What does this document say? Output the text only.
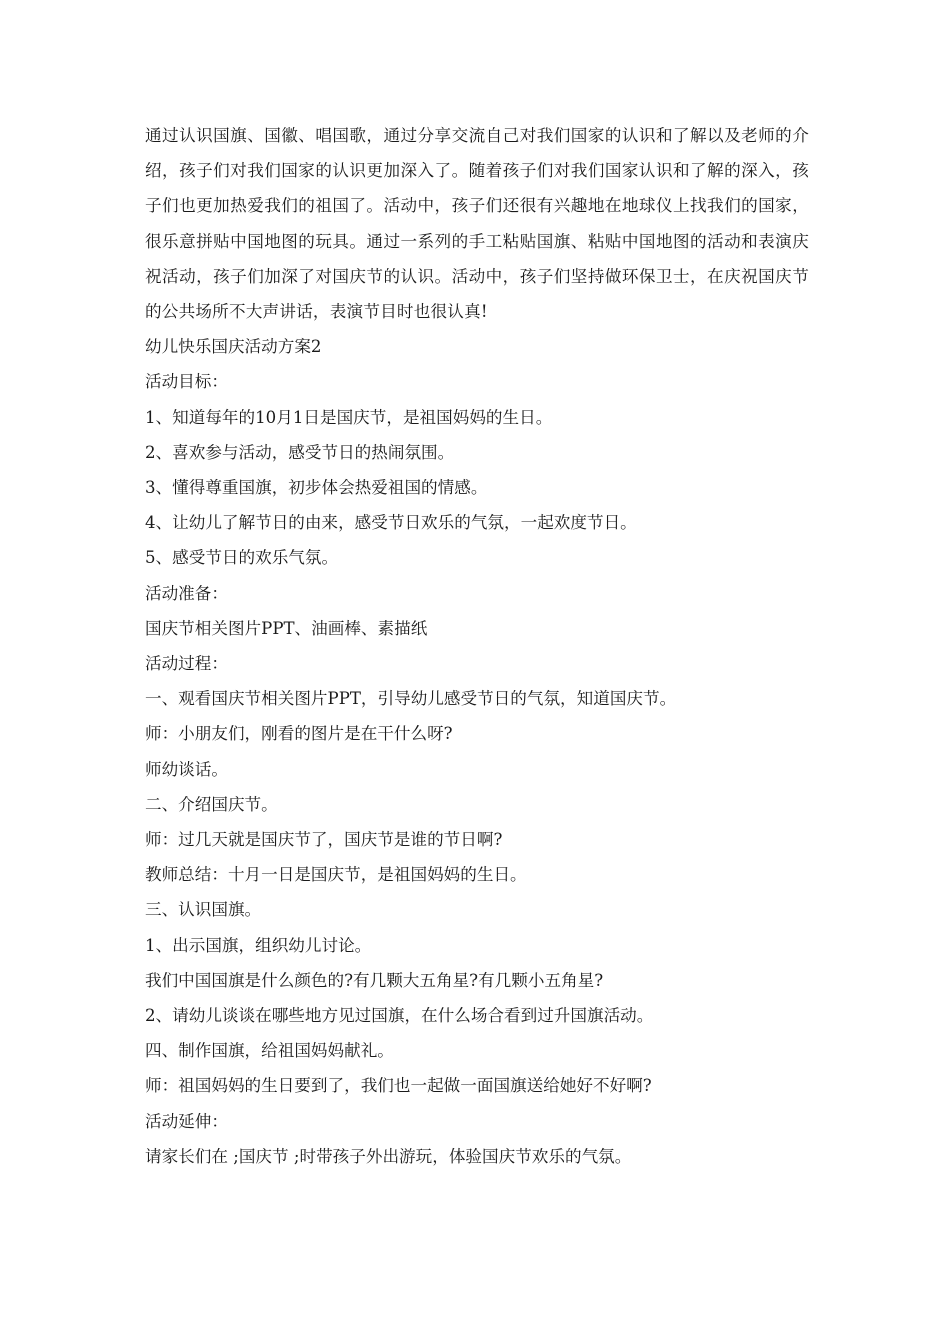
通过认识国旗、国徽、唱国歌，通过分享交流自己对我们国家的认识和了解以及老师的介绍，孩子们对我们国家的认识更加深入了。随着孩子们对我们国家认识和了解的深入，孩子们也更加热爱我们的祖国了。活动中，孩子们还很有兴趣地在地球仪上找我们的国家，很乐意拼贴中国地图的玩具。通过一系列的手工粘贴国旗、粘贴中国地图的活动和表演庆祝活动，孩子们加深了对国庆节的认识。活动中，孩子们坚持做环保卫士，在庆祝国庆节的公共场所不大声讲话，表演节目时也很认真!

幼儿快乐国庆活动方案2

活动目标：

1、知道每年的10月1日是国庆节，是祖国妈妈的生日。

2、喜欢参与活动，感受节日的热闹氛围。

3、懂得尊重国旗，初步体会热爱祖国的情感。

4、让幼儿了解节日的由来，感受节日欢乐的气氛，一起欢度节日。

5、感受节日的欢乐气氛。

活动准备：

国庆节相关图片PPT、油画棒、素描纸

活动过程：

一、观看国庆节相关图片PPT，引导幼儿感受节日的气氛，知道国庆节。

师：小朋友们，刚看的图片是在干什么呀?

师幼谈话。

二、介绍国庆节。

师：过几天就是国庆节了，国庆节是谁的节日啊?

教师总结：十月一日是国庆节，是祖国妈妈的生日。

三、认识国旗。

1、出示国旗，组织幼儿讨论。

我们中国国旗是什么颜色的?有几颗大五角星?有几颗小五角星?

2、请幼儿谈谈在哪些地方见过国旗，在什么场合看到过升国旗活动。

四、制作国旗，给祖国妈妈献礼。

师：祖国妈妈的生日要到了，我们也一起做一面国旗送给她好不好啊?

活动延伸：

请家长们在 ;国庆节 ;时带孩子外出游玩，体验国庆节欢乐的气氛。
